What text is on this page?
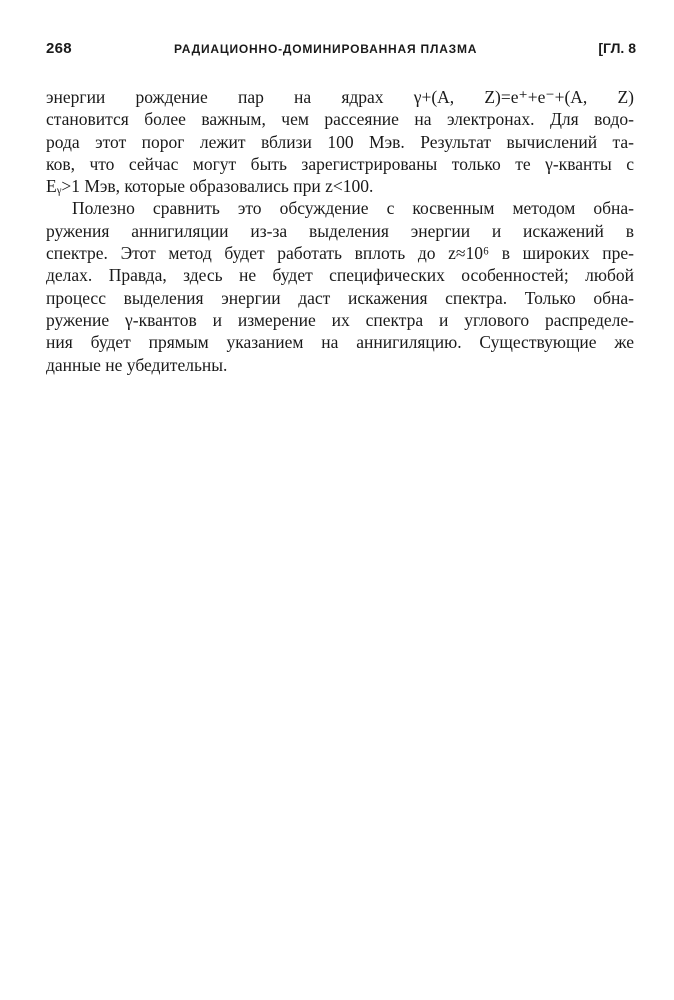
268	РАДИАЦИОННО-ДОМИНИРОВАННАЯ ПЛАЗМА	[ГЛ. 8
энергии рождение пар на ядрах γ+(A, Z)=e⁺+e⁻+(A, Z)
становится более важным, чем рассеяние на электронах. Для водо-
рода этот порог лежит вблизи 100 Мэв. Результат вычислений та-
ков, что сейчас могут быть зарегистрированы только те γ-кванты с
Eᵧ>1 Мэв, которые образовались при z<100.
Полезно сравнить это обсуждение с косвенным методом обна-
ружения аннигиляции из-за выделения энергии и искажений в
спектре. Этот метод будет работать вплоть до z≈10⁶ в широких пре-
делах. Правда, здесь не будет специфических особенностей; любой
процесс выделения энергии даст искажения спектра. Только обна-
ружение γ-квантов и измерение их спектра и углового распределе-
ния будет прямым указанием на аннигиляцию. Существующие же
данные не убедительны.
